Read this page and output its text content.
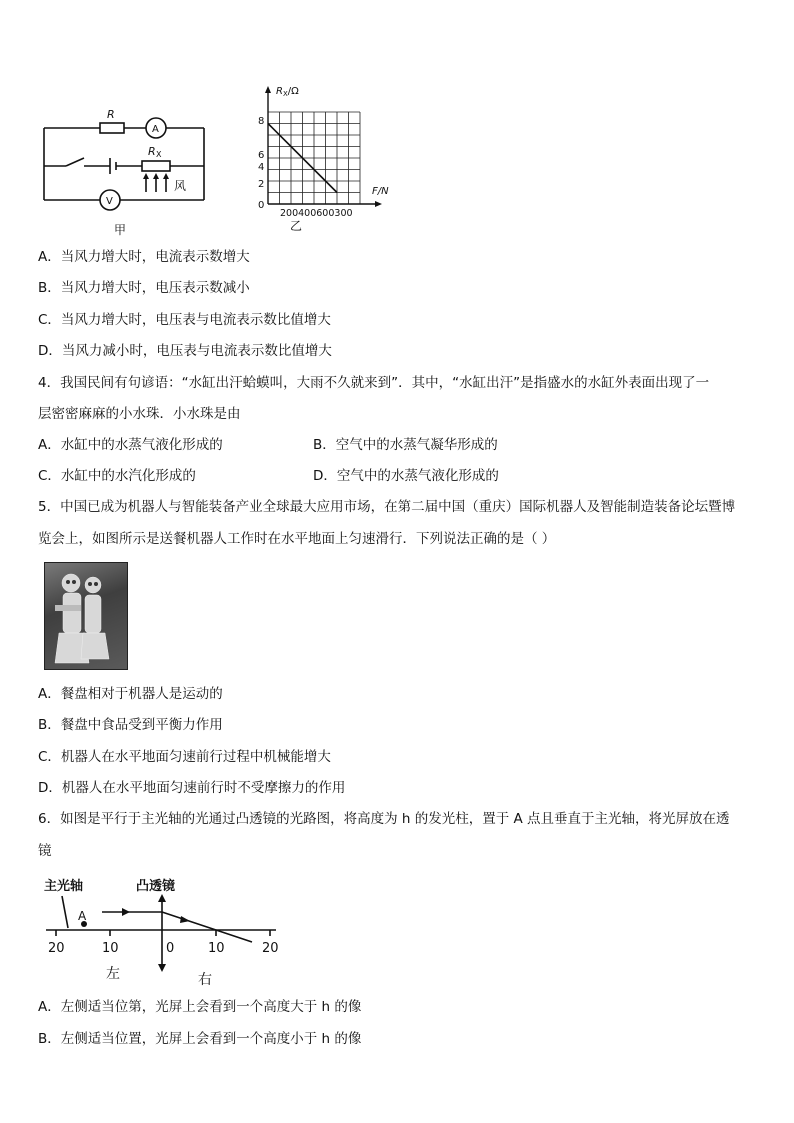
R
A
R X
风
V
甲
$R_X/\Omega$
8
6
4
2
0
200400600300
F/N
乙
A．当风力增大时，电流表示数增大
B．当风力增大时，电压表示数减小
C．当风力增大时，电压表与电流表示数比值增大
D．当风力减小时，电压表与电流表示数比值增大
4．我国民间有句谚语：“水缸出汗蛤蟆叫，大雨不久就来到”．其中，“水缸出汗”是指盛水的水缸外表面出现了一
层密密麻麻的小水珠．小水珠是由
A．水缸中的水蒸气液化形成的	B．空气中的水蒸气凝华形成的
C．水缸中的水汽化形成的	D．空气中的水蒸气液化形成的
5．中国已成为机器人与智能装备产业全球最大应用市场，在第二届中国（重庆）国际机器人及智能制造装备论坛暨博
览会上，如图所示是送餐机器人工作时在水平地面上匀速滑行．下列说法正确的是（ ）
A．餐盘相对于机器人是运动的
B．餐盘中食品受到平衡力作用
C．机器人在水平地面匀速前行过程中机械能增大
D．机器人在水平地面匀速前行时不受摩擦力的作用
6．如图是平行于主光轴的光通过凸透镜的光路图，将高度为 h 的发光柱，置于 A 点且垂直于主光轴，将光屏放在透
镜
主光轴	凸透镜
A
20	10	0	10	20
左	右
A．左侧适当位第，光屏上会看到一个高度大于 h 的像
B．左侧适当位置，光屏上会看到一个高度小于 h 的像
